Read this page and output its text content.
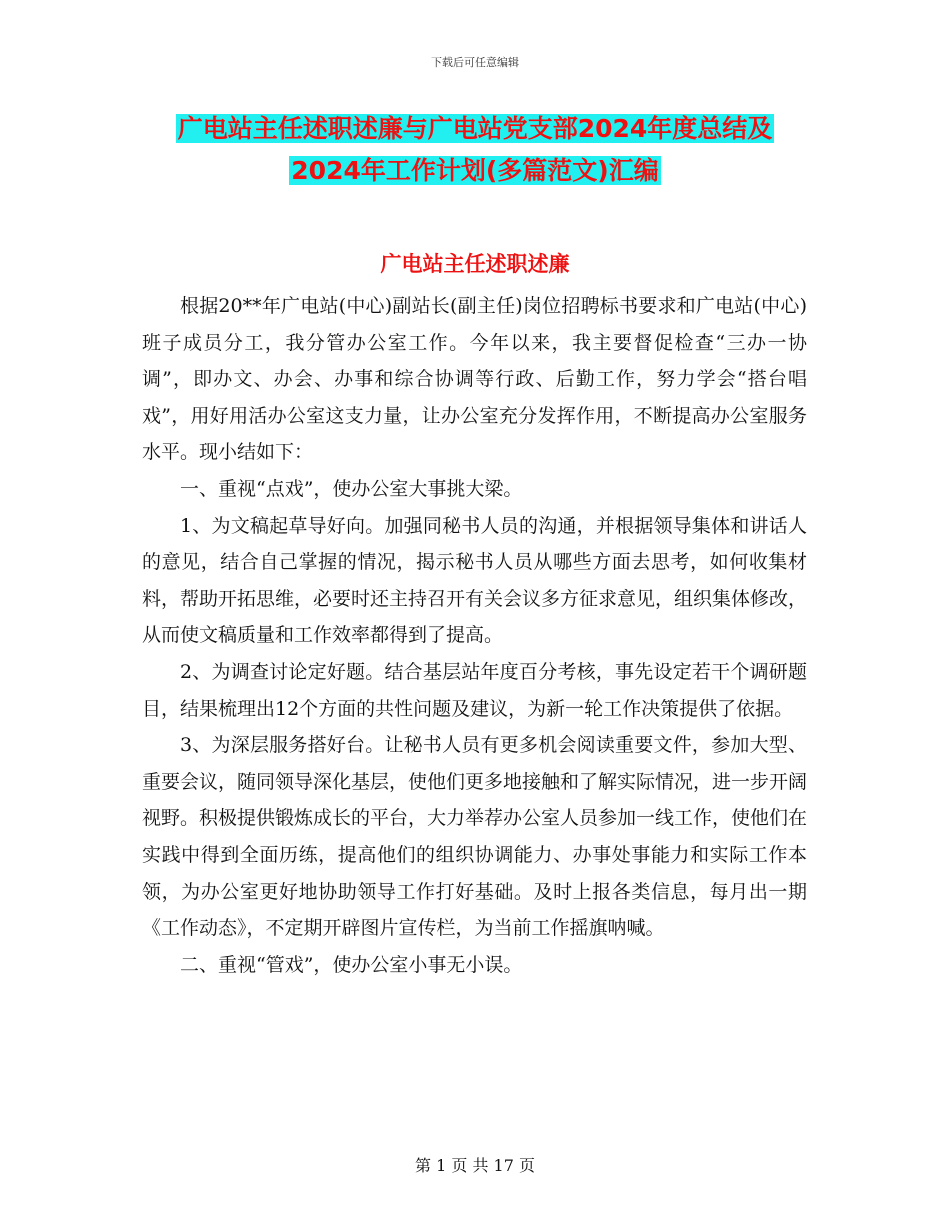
下载后可任意编辑
广电站主任述职述廉与广电站党支部2024年度总结及
2024年工作计划(多篇范文)汇编
广电站主任述职述廉

根据20**年广电站(中心)副站长(副主任)岗位招聘标书要求和广电站(中心)班子成员分工，我分管办公室工作。今年以来，我主要督促检查“三办一协调”，即办文、办会、办事和综合协调等行政、后勤工作，努力学会“搭台唱戏”，用好用活办公室这支力量，让办公室充分发挥作用，不断提高办公室服务水平。现小结如下：

一、重视“点戏”，使办公室大事挑大梁。

1、为文稿起草导好向。加强同秘书人员的沟通，并根据领导集体和讲话人的意见，结合自己掌握的情况，揭示秘书人员从哪些方面去思考，如何收集材料，帮助开拓思维，必要时还主持召开有关会议多方征求意见，组织集体修改，从而使文稿质量和工作效率都得到了提高。

2、为调查讨论定好题。结合基层站年度百分考核，事先设定若干个调研题目，结果梳理出12个方面的共性问题及建议，为新一轮工作决策提供了依据。

3、为深层服务搭好台。让秘书人员有更多机会阅读重要文件，参加大型、重要会议，随同领导深化基层，使他们更多地接触和了解实际情况，进一步开阔视野。积极提供锻炼成长的平台，大力举荐办公室人员参加一线工作，使他们在实践中得到全面历练，提高他们的组织协调能力、办事处事能力和实际工作本领，为办公室更好地协助领导工作打好基础。及时上报各类信息，每月出一期《工作动态》，不定期开辟图片宣传栏，为当前工作摇旗呐喊。

二、重视“管戏”，使办公室小事无小误。

第 1 页 共 17 页
